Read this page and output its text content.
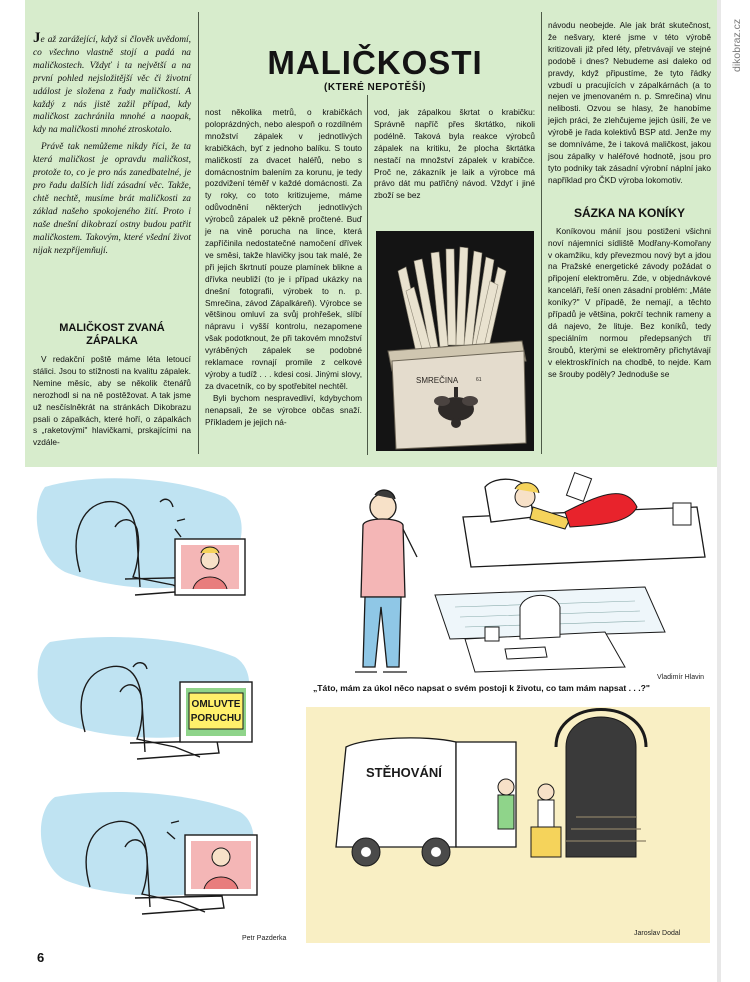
Je až zarážející, když si člověk uvědomí, co všechno vlastně stojí a padá na maličkostech. Vždyť i ta největší a na první pohled nejsložitější věc či životní událost je složena z řady maličkostí. A každý z nás jistě zažil případ, kdy maličkost zachránila mnohé a naopak, kdy na maličkosti mnohé ztroskotalo.

Právě tak nemůžeme nikdy říci, že ta která maličkost je opravdu maličkost, protože to, co je pro nás zanedbatelné, je pro řadu dalších lidí zásadní věc. Takže, chtě nechtě, musíme brát maličkosti za základ našeho spokojeného žití. Proto i naše dnešní dikobrazí ostny budou patřit maličkostem. Takovým, které všední život nijak nezpříjemňují.

MALIČKOST ZVANÁ ZÁPALKA

V redakční poště máme léta letoucí stálici. Jsou to stížnosti na kvalitu zápalek. Nemine měsíc, aby se několik čtenářů nerozhodl si na ně postěžovat. A tak jsme už nesčíslněkrát na stránkách Dikobrazu psali o zápalkách, které hoří, o zápalkách s „raketovými" hlavičkami, prskajícími na vzdále-

MALIČKOSTI
(KTERÉ NEPOTĚŠÍ)

nost několika metrů, o krabičkách poloprázdných, nebo alespoň o rozdílném množství zápalek v jednotlivých krabičkách, byť z jednoho balíku. S touto maličkostí za dvacet haléřů, nebo s domácnostním balením za korunu, je tedy pozdvižení téměř v každé domácnosti. Za ty roky, co toto kritizujeme, máme odůvodnění některých jednotlivých výrobců zápalek už pěkně pročtené. Buď je na vině porucha na lince, která zapříčinila nedostatečné namočení dřívek ve směsi, takže hlavičky jsou tak malé, že při jejich škrtnutí pouze plamínek blikne a dřívka neubliží (to je i případ ukázky na dnešní fotografii, výrobek to n. p. Smrečina, závod Zápalkáreň). Výrobce se většinou omluví za svůj prohřešek, slíbí nápravu i vyšší kontrolu, nezapomene však podotknout, že při takovém množství vyráběných zápalek se podobné reklamace rovnají promile z celkové výroby a tudíž . . . kdesi cosi. Jinými slovy, za dvacetník, co by spotřebitel nechtěl.

Byli bychom nespravedliví, kdybychom nenapsali, že se výrobce občas snaží. Příkladem je jejich ná-

vod, jak zápalkou škrtat o krabičku: Správně napříč přes škrtátko, nikoli podélně. Taková byla reakce výrobců zápalek na kritiku, že plocha škrtátka nestačí na množství zápalek v krabičce. Proč ne, zákazník je laik a výrobce má právo dát mu patřičný návod. Vždyť i jiné zboží se bez

SMREČINA	61

návodu neobejde. Ale jak brát skutečnost, že nešvary, které jsme v této výrobě kritizovali již před léty, přetrvávají ve stejné podobě i dnes? Nebudeme asi daleko od pravdy, když připustíme, že tyto řádky vzbudí u pracujících v zápalkárnách (a to nejen ve jmenovaném n. p. Smrečina) vlnu nelibosti. Ozvou se hlasy, že hanobíme jejich práci, že zlehčujeme jejich úsilí, že ve výrobě je řada kolektivů BSP atd. Jenže my se domníváme, že i taková maličkost, jakou jsou zápalky v haléřové hodnotě, jsou pro tyto podniky tak zásadní výrobní náplní jako například pro ČKD výroba lokomotiv.

SÁZKA NA KONÍKY

Koníkovou mánií jsou postiženi všichni noví nájemníci sídliště Modřany-Komořany v okamžiku, kdy převezmou nový byt a jdou na Pražské energetické závody požádat o připojení elektroměru. Zde, v objednávkové kanceláři, řeší onen zásadní problém: „Máte koníky?" V případě, že nemají, a těchto případů je většina, pokrčí technik rameny a dá najevo, že lituje. Bez koníků, tedy speciálním normou předepsaných tří šroubů, kterými se elektroměry přichytávají v elektroskříních na chodbě, to nejde. Kam se šrouby poděly? Jednoduše se

OMLUVTE
PORUCHU
STĚHOVÁNÍ
„Táto, mám za úkol něco napsat o svém postoji k životu, co tam mám napsat . . .?"
Petr Pazderka
Vladimír Hlavin
Jaroslav Dodal
6
dikobraz.cz
